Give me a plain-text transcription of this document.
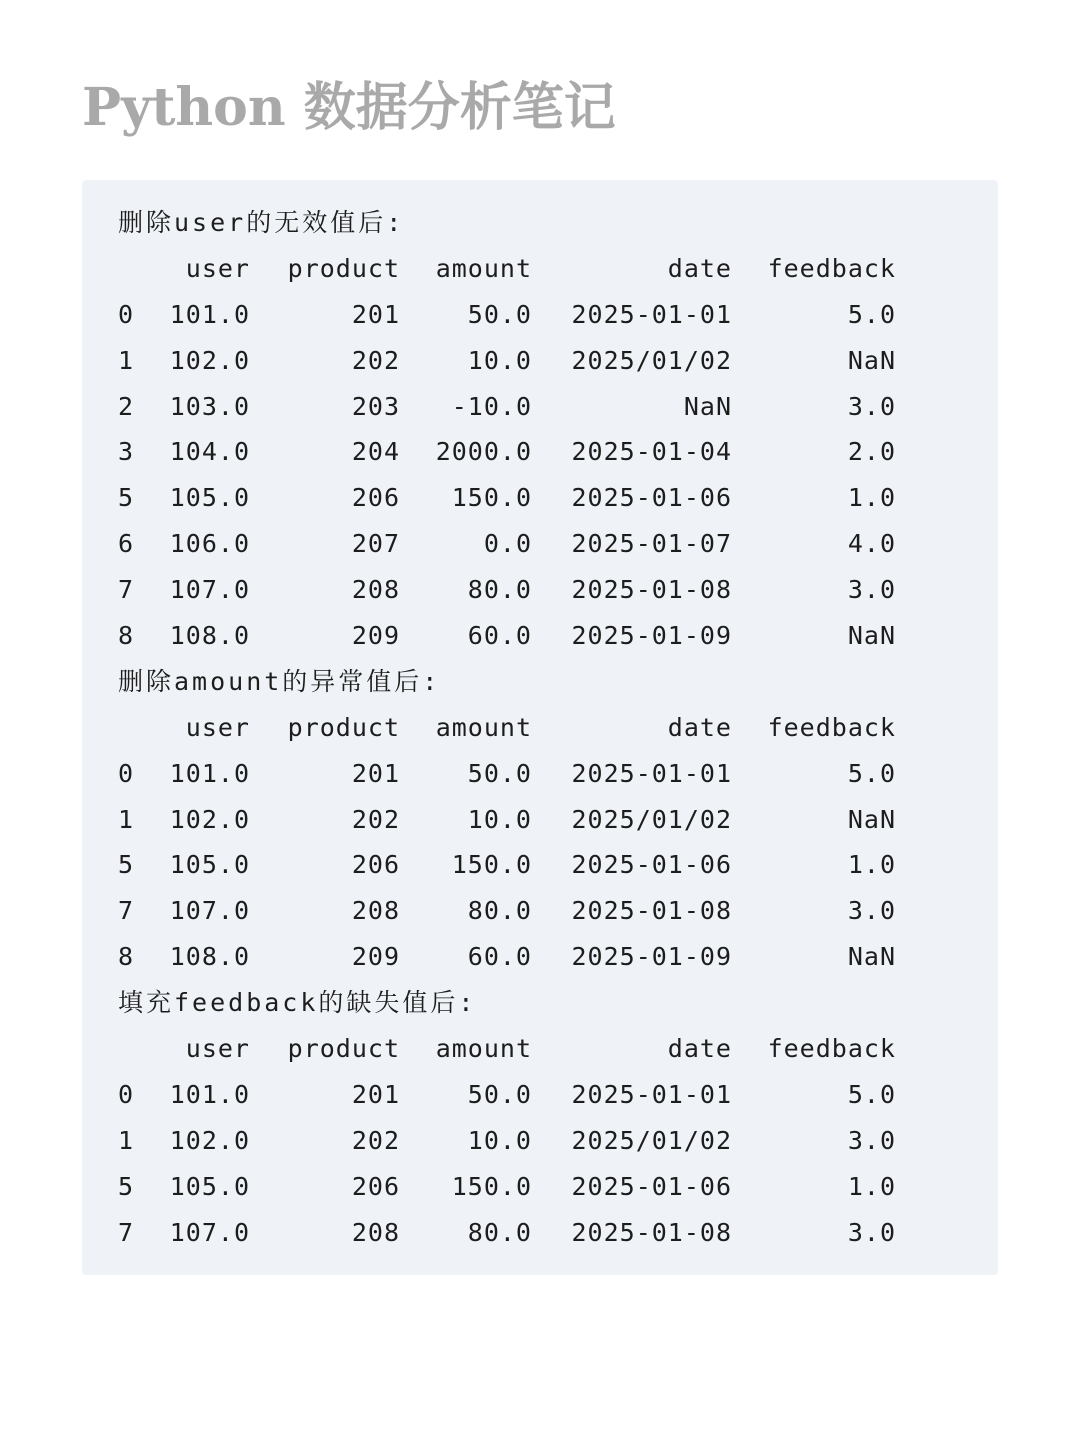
Python 数据分析笔记
删除user的无效值后:
user	product	amount	date	feedback
0	101.0	201	50.0	2025-01-01	5.0
1	102.0	202	10.0	2025/01/02	NaN
2	103.0	203	-10.0	NaN	3.0
3	104.0	204	2000.0	2025-01-04	2.0
5	105.0	206	150.0	2025-01-06	1.0
6	106.0	207	0.0	2025-01-07	4.0
7	107.0	208	80.0	2025-01-08	3.0
8	108.0	209	60.0	2025-01-09	NaN
删除amount的异常值后:
user	product	amount	date	feedback
0	101.0	201	50.0	2025-01-01	5.0
1	102.0	202	10.0	2025/01/02	NaN
5	105.0	206	150.0	2025-01-06	1.0
7	107.0	208	80.0	2025-01-08	3.0
8	108.0	209	60.0	2025-01-09	NaN
填充feedback的缺失值后:
user	product	amount	date	feedback
0	101.0	201	50.0	2025-01-01	5.0
1	102.0	202	10.0	2025/01/02	3.0
5	105.0	206	150.0	2025-01-06	1.0
7	107.0	208	80.0	2025-01-08	3.0
